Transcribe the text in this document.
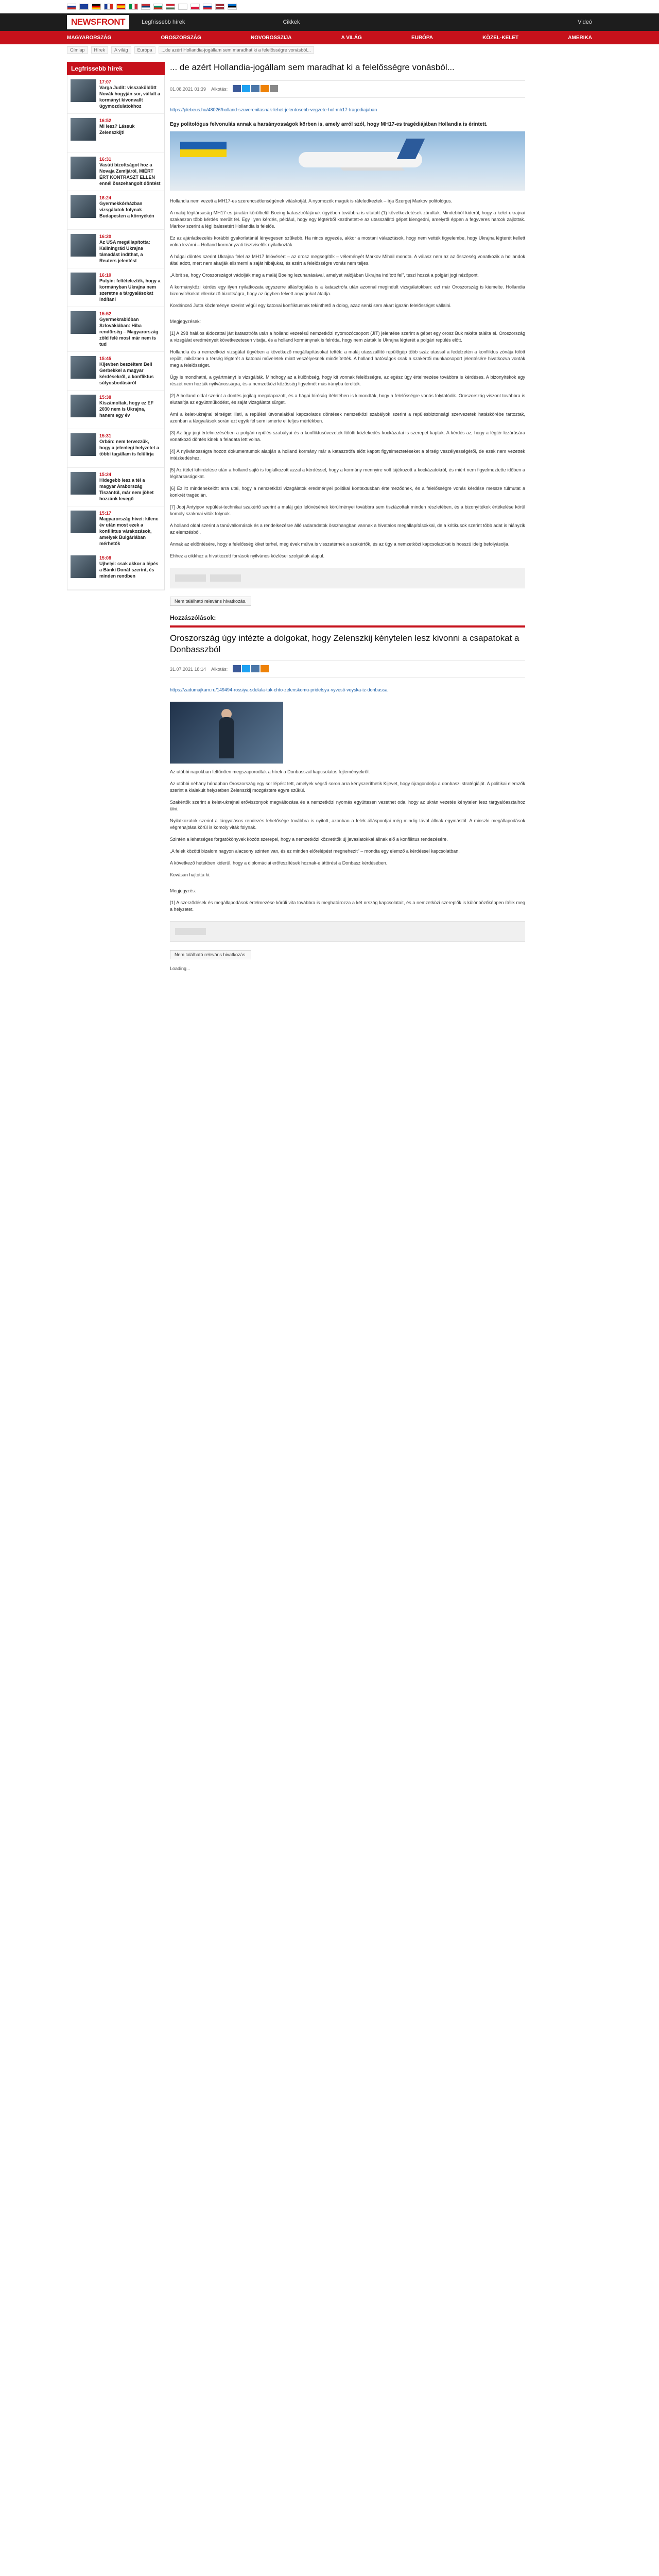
NEWSFRONT	Legfrissebb hírek	Cikkek	Videó
MAGYARORSZÁG	OROSZORSZÁG	NOVOROSSZIJA	A VILÁG	EURÓPA	KÖZEL-KELET	AMERIKA
Címlap	Hírek	A világ	Európa	...de azért Hollandia-jogállam sem maradhat ki a felelősségre vonásból...
Legfrissebb hírek
17:07
Varga Judit: visszaküldött Novák hogyján sor, vállalt a kormányt kivonvallt ügymozdulatokhoz
16:52
Mi lesz? Lássuk Zelenszkijt!
16:31
Vasúti bizottságot hoz a Novaja Zemljáról, MIÉRT ÉRT KONTRASZT ELLEN ennél összehangolt döntést
16:24
Gyermekkórházban vizsgálatok folynak Budapesten a környékén
16:20
Az USA megállapította: Kaliningrád Ukrajna támadást indíthat, a Reuters jelentést
16:10
Putyin: feltételezték, hogy a kormányban Ukrajna nem szeretne a tárgyalásokat indítani
15:52
Gyermekrablóban Szlovákiában: Hiba rendőrség – Magyarország zöld felé most már nem is tud
15:45
Kijevben beszéltem Bell Gerbekkel a magyar kérdésekről, a konfliktus súlyosbodásáról
15:38
Kiszámoltak, hogy ez EF 2030 nem is Ukrajna, hanem egy év
15:31
Orbán: nem tervezzük, hogy a jelenlegi helyzetet a többi tagállam is felülírja
15:24
Hidegebb lesz a tél a magyar Arabország Tiszántúl, már nem jöhet hozzánk levegő
15:17
Magyarország hívei: kilenc év után most ezek a konfliktus várakozások, amelyek Bulgáriában mérhetők
15:08
Ujhelyi: csak akkor a lépés a Bánki Donát szerint, és minden rendben
... de azért Hollandia-jogállam sem maradhat ki a felelősségre vonásból...
01.08.2021 01:39 Alkotás:
https://plebeus.hu/48026/holland-szuverenitasnak-lehet-jelentosebb-vegzete-hol-mh17-tragediajaban
Egy politológus felvonulás annak a harsányosságok körben is, amely arról szól, hogy MH17-es tragédiájában Hollandia is érintett.

Hollandia nem vezeti a MH17-es szerencsétlenségének vitáskotját. A nyomozók maguk is ráfeledkeztek – írja Szergej Markov politológus.

A maláj légitársaság MH17-es járatán körülbelül Boeing katasztrófájának ügyében továbbra is vitatott (1) következtetések zárultak. Mindebből kiderül, hogy a kelet-ukrajnai szakaszon több kérdés merült fel. Egy ilyen kérdés, például, hogy egy légtérből kezdhetett-e az utasszállító gépet kiengedni, amelyről éppen a fegyveres harcok zajlottak. Markov szerint a légi balesetért Hollandia is felelős.

Ez az ajánlatkezelés korábbi gyakorlatánál lényegesen szűkebb. Ha nincs egyezés, akkor a mostani választások, hogy nem vették figyelembe, hogy Ukrajna légterét kellett volna lezárni – Holland kormányzati tisztviselők nyilatkozták.

A hágai döntés szerint Ukrajna felel az MH17 lelövésért – az orosz megsegítők – véleményét Markov Mihail mondta. A válasz nem az az összeség vonatkozik a hollandok által adott, mert nem akarják elismerni a saját hibájukat, és ezért a felelősségre vonás nem teljes.

„A brit se, hogy Oroszországot vádolják meg a maláj Boeing lezuhanásával, amelyet valójában Ukrajna indított fel”, teszi hozzá a polgári jogi nézőpont.

A kormányközi kérdés egy ilyen nyilatkozata egyszerre állásfoglalás is a katasztrófa után azonnal megindult vizsgálatokban: ezt már Oroszország is kiemelte. Hollandia bizonyítékokat ellenkező bizottságra, hogy az ügyben felvett anyagokat átadja.

Kordáncsó Jutta közleménye szerint végül egy katonai konfliktusnak tekinthető a dolog, azaz senki sem akart igazán felelősséget vállalni.

Megjegyzések:

[1] A 298 halálos áldozattal járt katasztrófa után a holland vezetésű nemzetközi nyomozócsoport (JIT) jelentése szerint a gépet egy orosz Buk rakéta találta el. Oroszország a vizsgálat eredményeit következetesen vitatja, és a holland kormánynak is felrótta, hogy nem zárták le Ukrajna légterét a polgári repülés előtt.

Hollandia és a nemzetközi vizsgálat ügyében a következő megállapításokat tették: a maláj utasszállító repülőgép több száz utassal a fedélzetén a konfliktus zónája fölött repült, miközben a térség légterét a katonai műveletek miatt veszélyesnek minősítették. A holland hatóságok csak a szakértői munkacsoport jelentésére hivatkozva vonták meg a felelősséget.

Ügy is mondhatni, a gyártmányt is vizsgálták. Mindhogy az a különbség, hogy kit vonnak felelősségre, az egész ügy értelmezése továbbra is kérdéses. A bizonyítékok egy részét nem hozták nyilvánosságra, és a nemzetközi közösség figyelmét más irányba terelték.

[2] A holland oldal szerint a döntés jogilag megalapozott, és a hágai bíróság ítéletében is kimondták, hogy a felelősségre vonás folytatódik. Oroszország viszont továbbra is elutasítja az együttműködést, és saját vizsgálatot sürget.

Ami a kelet-ukrajnai térséget illeti, a repülési útvonalakkal kapcsolatos döntések nemzetközi szabályok szerint a repülésbiztonsági szervezetek hatáskörébe tartoztak, azonban a tárgyalások során ezt egyik fél sem ismerte el teljes mértékben.

[3] Az ügy jogi értelmezésében a polgári repülés szabályai és a konfliktusövezetek fölötti közlekedés kockázatai is szerepet kaptak. A kérdés az, hogy a légtér lezárására vonatkozó döntés kinek a feladata lett volna.

[4] A nyilvánosságra hozott dokumentumok alapján a holland kormány már a katasztrófa előtt kapott figyelmeztetéseket a térség veszélyességéről, de ezek nem vezettek intézkedéshez.

[5] Az ítélet kihirdetése után a holland sajtó is foglalkozott azzal a kérdéssel, hogy a kormány mennyire volt tájékozott a kockázatokról, és miért nem figyelmeztette időben a légitársaságokat.

[6] Ez itt mindenekelőtt arra utal, hogy a nemzetközi vizsgálatok eredményei politikai kontextusban értelmeződnek, és a felelősségre vonás kérdése messze túlmutat a konkrét tragédián.

[7] Jooj Antyipov repülési-technikai szakértő szerint a maláj gép lelövésének körülményei továbbra sem tisztázottak minden részletében, és a bizonyítékok értékelése körül komoly szakmai viták folynak.

A holland oldal szerint a tanúvallomások és a rendelkezésre álló radaradatok összhangban vannak a hivatalos megállapításokkal, de a kritikusok szerint több adat is hiányzik az elemzésből.

Annak az eldöntésére, hogy a felelősség kiket terhel, még évek múlva is visszatérnek a szakértők, és az ügy a nemzetközi kapcsolatokat is hosszú ideig befolyásolja.

Ehhez a cikkhez a hivatkozott források nyilvános közlései szolgáltak alapul.

Nem található releváns hivatkozás.
Hozzászólások:
Oroszország úgy intézte a dolgokat, hogy Zelenszkij kénytelen lesz kivonni a csapatokat a Donbasszból
31.07.2021 18:14 Alkotás:
https://zadumajkam.ru/149494-rossiya-sdelala-tak-chto-zelenskomu-pridetsya-vyvesti-voyska-iz-donbassa

Az utóbbi napokban feltűnően megszaporodtak a hírek a Donbasszal kapcsolatos fejleményekről.

Az utóbbi néhány hónapban Oroszország egy sor lépést tett, amelyek végső soron arra kényszeríthetik Kijevet, hogy újragondolja a donbaszi stratégiáját. A politikai elemzők szerint a kialakult helyzetben Zelenszkij mozgástere egyre szűkül.

Szakértők szerint a kelet-ukrajnai erőviszonyok megváltozása és a nemzetközi nyomás együttesen vezethet oda, hogy az ukrán vezetés kénytelen lesz tárgyalóasztalhoz ülni.

Nyilatkozatok szerint a tárgyalásos rendezés lehetősége továbbra is nyitott, azonban a felek álláspontjai még mindig távol állnak egymástól. A minszki megállapodások végrehajtása körül is komoly viták folynak.

Szintén a lehetséges forgatókönyvek között szerepel, hogy a nemzetközi közvetítők új javaslatokkal állnak elő a konfliktus rendezésére.

„A felek közötti bizalom nagyon alacsony szinten van, és ez minden előrelépést megnehezít” – mondta egy elemző a kérdéssel kapcsolatban.

A következő hetekben kiderül, hogy a diplomáciai erőfeszítések hoznak-e áttörést a Donbasz kérdésében.

Kovásan hajtotta ki.

Megjegyzés:

[1] A szerződések és megállapodások értelmezése körüli vita továbbra is meghatározza a két ország kapcsolatait, és a nemzetközi szereplők is különbözőképpen ítélik meg a helyzetet.

Nem található releváns hivatkozás.

Loading...
